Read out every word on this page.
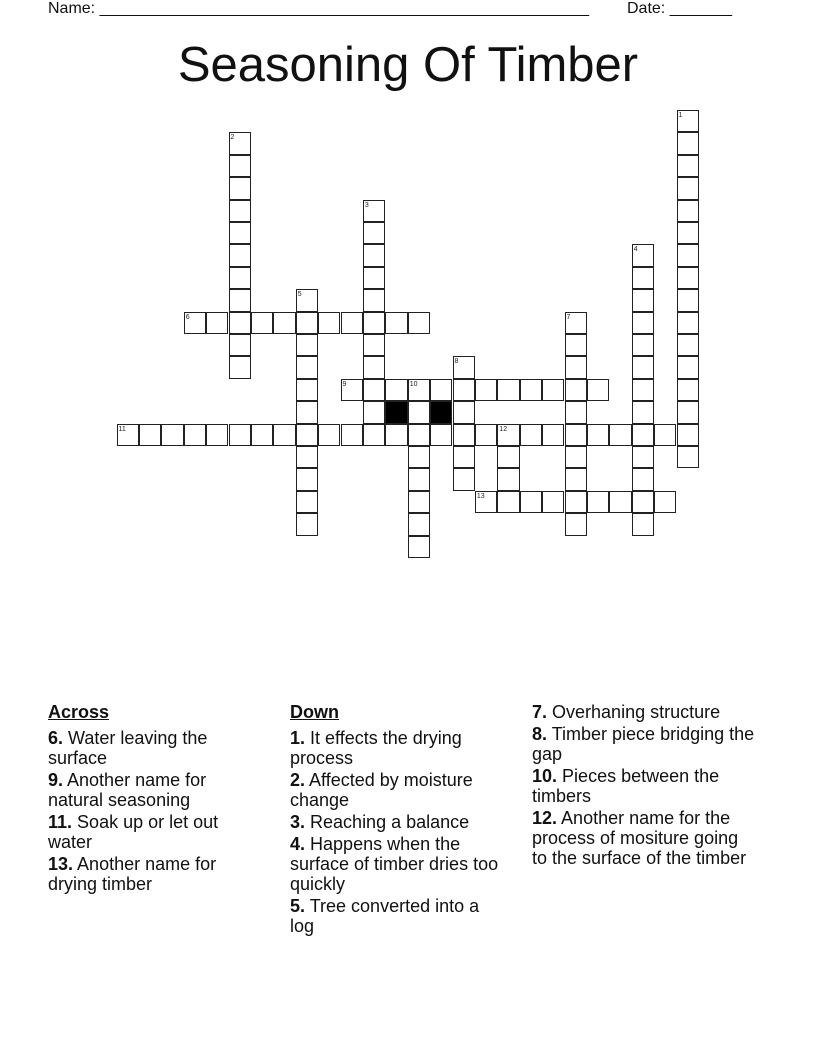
Name: _______________________________________________________ Date: _______
Seasoning Of Timber
1
2
3
4
5
6	7
8
9	10
11	12
13
Across
6. Water leaving the surface
9. Another name for natural seasoning
11. Soak up or let out water
13. Another name for drying timber
Down
1. It effects the drying process
2. Affected by moisture change
3. Reaching a balance
4. Happens when the surface of timber dries too quickly
5. Tree converted into a log
7. Overhaning structure
8. Timber piece bridging the gap
10. Pieces between the timbers
12. Another name for the process of mositure going to the surface of the timber
